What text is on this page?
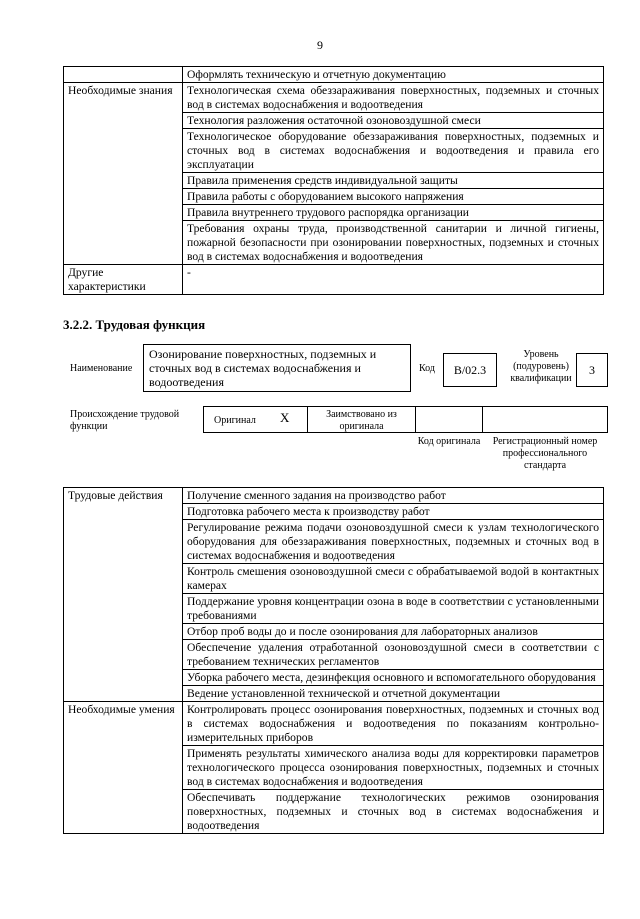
9
	Оформлять техническую и отчетную документацию
Необходимые знания	Технологическая схема обеззараживания поверхностных, подземных и сточных вод в системах водоснабжения и водоотведения
	Технология разложения остаточной озоновоздушной смеси
	Технологическое оборудование обеззараживания поверхностных, подземных и сточных вод в системах водоснабжения и водоотведения и правила его эксплуатации
	Правила применения средств индивидуальной защиты
	Правила работы с оборудованием высокого напряжения
	Правила внутреннего трудового распорядка организации
	Требования охраны труда, производственной санитарии и личной гигиены, пожарной безопасности при озонировании поверхностных, подземных и сточных вод в системах водоснабжения и водоотведения
Другие характеристики	-
3.2.2. Трудовая функция
Наименование
Озонирование поверхностных, подземных и сточных вод в системах водоснабжения и водоотведения
Код В/02.3
Уровень (подуровень) квалификации
3
Происхождение трудовой функции
Оригинал X	Заимствовано из оригинала
Код оригинала	Регистрационный номер профессионального стандарта
Трудовые действия	Получение сменного задания на производство работ
	Подготовка рабочего места к производству работ
	Регулирование режима подачи озоновоздушной смеси к узлам технологического оборудования для обеззараживания поверхностных, подземных и сточных вод в системах водоснабжения и водоотведения
	Контроль смешения озоновоздушной смеси с обрабатываемой водой в контактных камерах
	Поддержание уровня концентрации озона в воде в соответствии с установленными требованиями
	Отбор проб воды до и после озонирования для лабораторных анализов
	Обеспечение удаления отработанной озоновоздушной смеси в соответствии с требованием технических регламентов
	Уборка рабочего места, дезинфекция основного и вспомогательного оборудования
	Ведение установленной технической и отчетной документации
Необходимые умения	Контролировать процесс озонирования поверхностных, подземных и сточных вод в системах водоснабжения и водоотведения по показаниям контрольно-измерительных приборов
	Применять результаты химического анализа воды для корректировки параметров технологического процесса озонирования поверхностных, подземных и сточных вод в системах водоснабжения и водоотведения
	Обеспечивать поддержание технологических режимов озонирования поверхностных, подземных и сточных вод в системах водоснабжения и водоотведения
